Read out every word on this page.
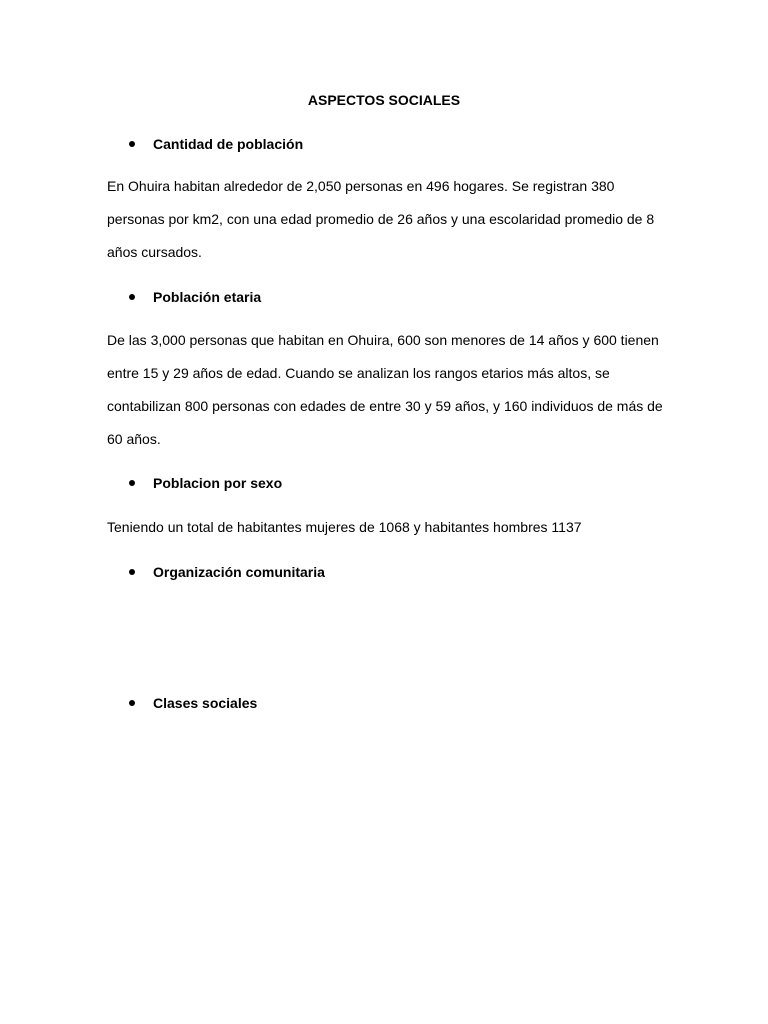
ASPECTOS SOCIALES
Cantidad de población

En Ohuira habitan alrededor de 2,050 personas en 496 hogares. Se registran 380
personas por km2, con una edad promedio de 26 años y una escolaridad promedio de 8
años cursados.

Población etaria

De las 3,000 personas que habitan en Ohuira, 600 son menores de 14 años y 600 tienen
entre 15 y 29 años de edad. Cuando se analizan los rangos etarios más altos, se
contabilizan 800 personas con edades de entre 30 y 59 años, y 160 individuos de más de
60 años.

Poblacion por sexo

Teniendo un total de habitantes mujeres de 1068 y habitantes hombres 1137

Organización comunitaria
Clases sociales
